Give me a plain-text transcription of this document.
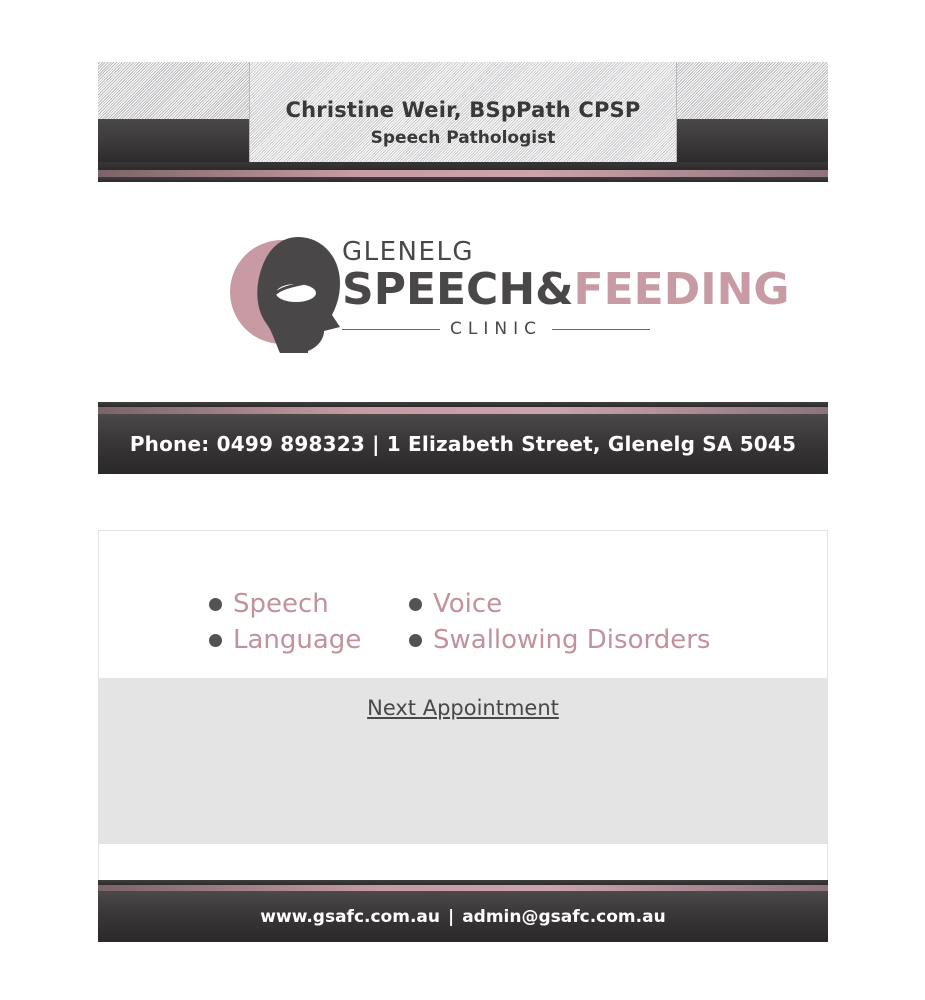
Christine Weir, BSpPath CPSP
Speech Pathologist
GLENELG
SPEECH&FEEDING
CLINIC
Phone: 0499 898323 | 1 Elizabeth Street, Glenelg SA 5045
Speech	Voice
Language	Swallowing Disorders
Next Appointment
www.gsafc.com.au | admin@gsafc.com.au
